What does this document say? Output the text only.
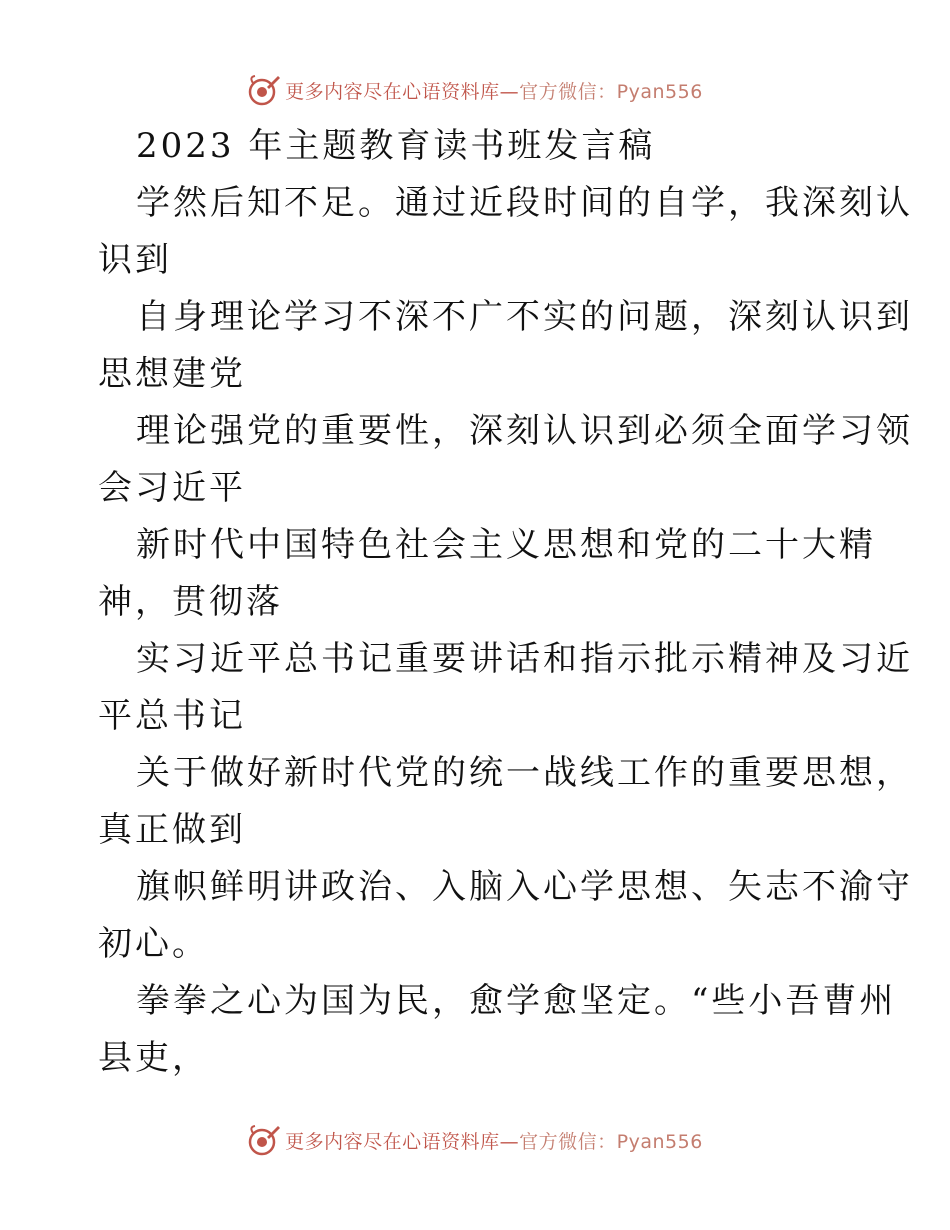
更多内容尽在心语资料库—官方微信：Pyan556
2023 年主题教育读书班发言稿
学然后知不足。通过近段时间的自学，我深刻认
识到
自身理论学习不深不广不实的问题，深刻认识到
思想建党
理论强党的重要性，深刻认识到必须全面学习领
会习近平
新时代中国特色社会主义思想和党的二十大精
神，贯彻落
实习近平总书记重要讲话和指示批示精神及习近
平总书记
关于做好新时代党的统一战线工作的重要思想，
真正做到
旗帜鲜明讲政治、入脑入心学思想、矢志不渝守
初心。
拳拳之心为国为民，愈学愈坚定。“些小吾曹州
县吏，
更多内容尽在心语资料库—官方微信：Pyan556
